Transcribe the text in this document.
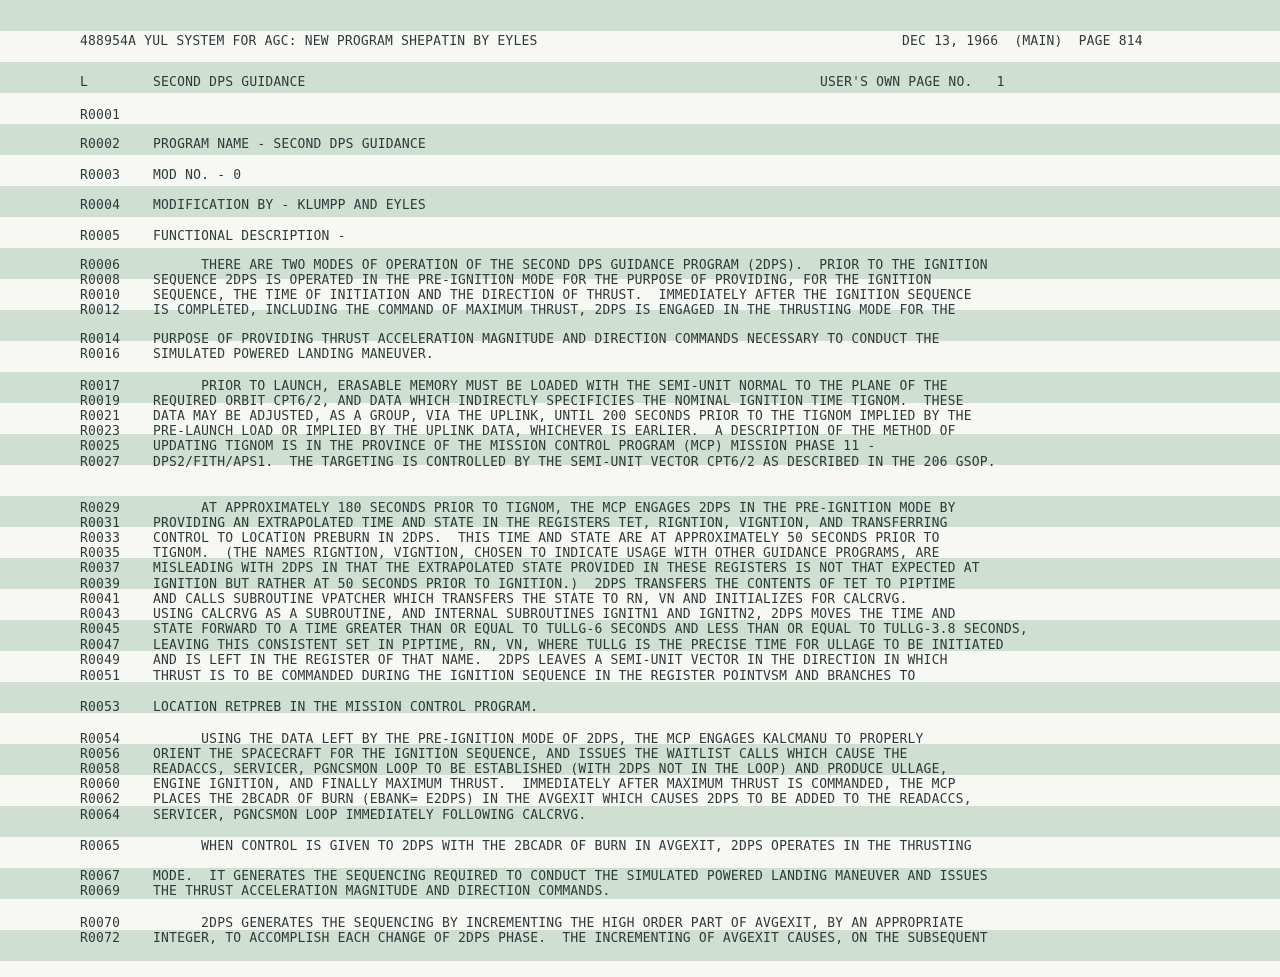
488954A YUL SYSTEM FOR AGC: NEW PROGRAM SHEPATIN BY EYLES	DEC 13, 1966  (MAIN)  PAGE 814
L	SECOND DPS GUIDANCE	USER'S OWN PAGE NO.   1
R0001
R0002	PROGRAM NAME - SECOND DPS GUIDANCE
R0003	MOD NO. - 0
R0004	MODIFICATION BY - KLUMPP AND EYLES
R0005	FUNCTIONAL DESCRIPTION -
R0006	THERE ARE TWO MODES OF OPERATION OF THE SECOND DPS GUIDANCE PROGRAM (2DPS).  PRIOR TO THE IGNITION
R0008	SEQUENCE 2DPS IS OPERATED IN THE PRE-IGNITION MODE FOR THE PURPOSE OF PROVIDING, FOR THE IGNITION
R0010	SEQUENCE, THE TIME OF INITIATION AND THE DIRECTION OF THRUST.  IMMEDIATELY AFTER THE IGNITION SEQUENCE
R0012	IS COMPLETED, INCLUDING THE COMMAND OF MAXIMUM THRUST, 2DPS IS ENGAGED IN THE THRUSTING MODE FOR THE
R0014	PURPOSE OF PROVIDING THRUST ACCELERATION MAGNITUDE AND DIRECTION COMMANDS NECESSARY TO CONDUCT THE
R0016	SIMULATED POWERED LANDING MANEUVER.
R0017	PRIOR TO LAUNCH, ERASABLE MEMORY MUST BE LOADED WITH THE SEMI-UNIT NORMAL TO THE PLANE OF THE
R0019	REQUIRED ORBIT CPT6/2, AND DATA WHICH INDIRECTLY SPECIFICIES THE NOMINAL IGNITION TIME TIGNOM.  THESE
R0021	DATA MAY BE ADJUSTED, AS A GROUP, VIA THE UPLINK, UNTIL 200 SECONDS PRIOR TO THE TIGNOM IMPLIED BY THE
R0023	PRE-LAUNCH LOAD OR IMPLIED BY THE UPLINK DATA, WHICHEVER IS EARLIER.  A DESCRIPTION OF THE METHOD OF
R0025	UPDATING TIGNOM IS IN THE PROVINCE OF THE MISSION CONTROL PROGRAM (MCP) MISSION PHASE 11 -
R0027	DPS2/FITH/APS1.  THE TARGETING IS CONTROLLED BY THE SEMI-UNIT VECTOR CPT6/2 AS DESCRIBED IN THE 206 GSOP.
R0029	AT APPROXIMATELY 180 SECONDS PRIOR TO TIGNOM, THE MCP ENGAGES 2DPS IN THE PRE-IGNITION MODE BY
R0031	PROVIDING AN EXTRAPOLATED TIME AND STATE IN THE REGISTERS TET, RIGNTION, VIGNTION, AND TRANSFERRING
R0033	CONTROL TO LOCATION PREBURN IN 2DPS.  THIS TIME AND STATE ARE AT APPROXIMATELY 50 SECONDS PRIOR TO
R0035	TIGNOM.  (THE NAMES RIGNTION, VIGNTION, CHOSEN TO INDICATE USAGE WITH OTHER GUIDANCE PROGRAMS, ARE
R0037	MISLEADING WITH 2DPS IN THAT THE EXTRAPOLATED STATE PROVIDED IN THESE REGISTERS IS NOT THAT EXPECTED AT
R0039	IGNITION BUT RATHER AT 50 SECONDS PRIOR TO IGNITION.)  2DPS TRANSFERS THE CONTENTS OF TET TO PIPTIME
R0041	AND CALLS SUBROUTINE VPATCHER WHICH TRANSFERS THE STATE TO RN, VN AND INITIALIZES FOR CALCRVG.
R0043	USING CALCRVG AS A SUBROUTINE, AND INTERNAL SUBROUTINES IGNITN1 AND IGNITN2, 2DPS MOVES THE TIME AND
R0045	STATE FORWARD TO A TIME GREATER THAN OR EQUAL TO TULLG-6 SECONDS AND LESS THAN OR EQUAL TO TULLG-3.8 SECONDS,
R0047	LEAVING THIS CONSISTENT SET IN PIPTIME, RN, VN, WHERE TULLG IS THE PRECISE TIME FOR ULLAGE TO BE INITIATED
R0049	AND IS LEFT IN THE REGISTER OF THAT NAME.  2DPS LEAVES A SEMI-UNIT VECTOR IN THE DIRECTION IN WHICH
R0051	THRUST IS TO BE COMMANDED DURING THE IGNITION SEQUENCE IN THE REGISTER POINTVSM AND BRANCHES TO
R0053	LOCATION RETPREB IN THE MISSION CONTROL PROGRAM.
R0054	USING THE DATA LEFT BY THE PRE-IGNITION MODE OF 2DPS, THE MCP ENGAGES KALCMANU TO PROPERLY
R0056	ORIENT THE SPACECRAFT FOR THE IGNITION SEQUENCE, AND ISSUES THE WAITLIST CALLS WHICH CAUSE THE
R0058	READACCS, SERVICER, PGNCSMON LOOP TO BE ESTABLISHED (WITH 2DPS NOT IN THE LOOP) AND PRODUCE ULLAGE,
R0060	ENGINE IGNITION, AND FINALLY MAXIMUM THRUST.  IMMEDIATELY AFTER MAXIMUM THRUST IS COMMANDED, THE MCP
R0062	PLACES THE 2BCADR OF BURN (EBANK= E2DPS) IN THE AVGEXIT WHICH CAUSES 2DPS TO BE ADDED TO THE READACCS,
R0064	SERVICER, PGNCSMON LOOP IMMEDIATELY FOLLOWING CALCRVG.
R0065	WHEN CONTROL IS GIVEN TO 2DPS WITH THE 2BCADR OF BURN IN AVGEXIT, 2DPS OPERATES IN THE THRUSTING
R0067	MODE.  IT GENERATES THE SEQUENCING REQUIRED TO CONDUCT THE SIMULATED POWERED LANDING MANEUVER AND ISSUES
R0069	THE THRUST ACCELERATION MAGNITUDE AND DIRECTION COMMANDS.
R0070	2DPS GENERATES THE SEQUENCING BY INCREMENTING THE HIGH ORDER PART OF AVGEXIT, BY AN APPROPRIATE
R0072	INTEGER, TO ACCOMPLISH EACH CHANGE OF 2DPS PHASE.  THE INCREMENTING OF AVGEXIT CAUSES, ON THE SUBSEQUENT
